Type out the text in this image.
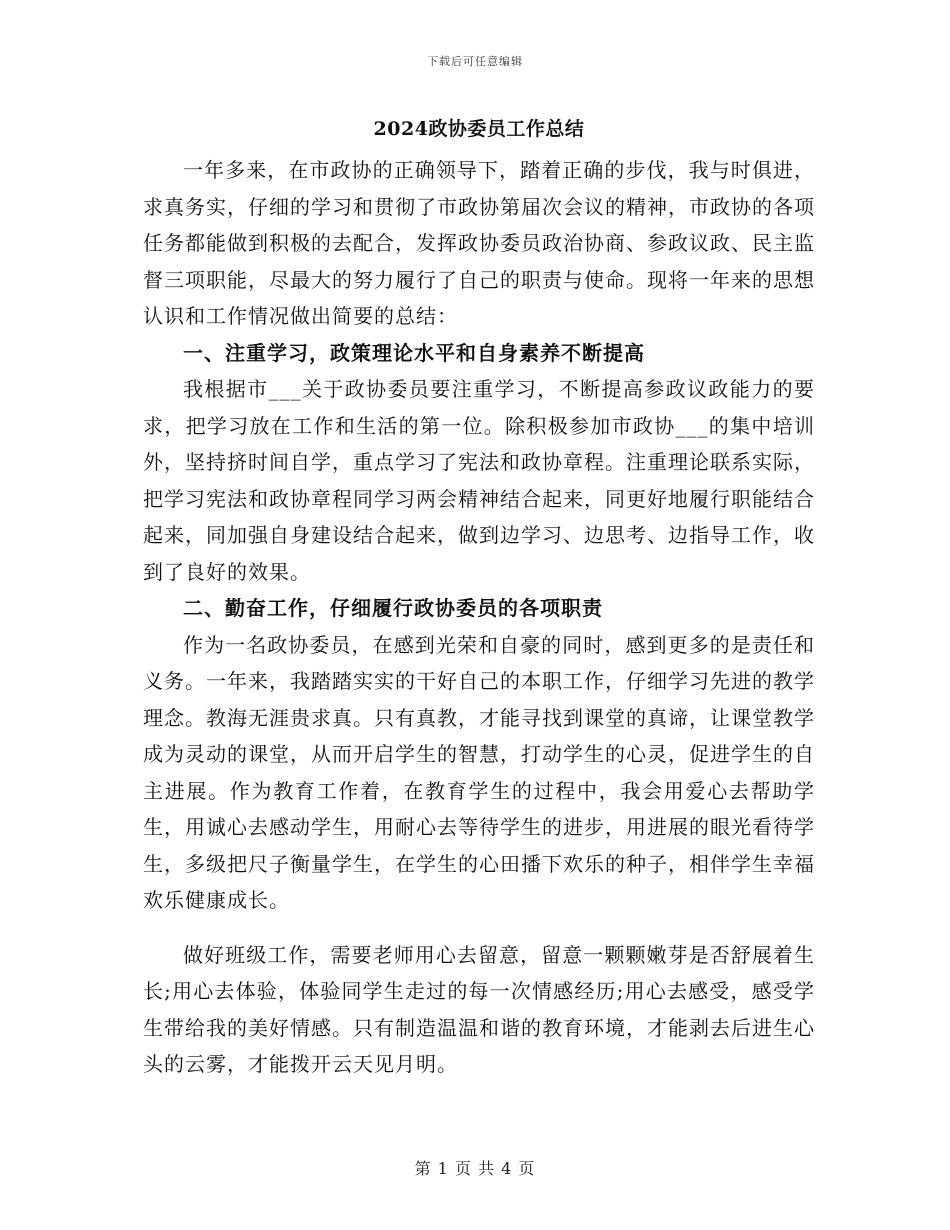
下载后可任意编辑
2024政协委员工作总结

一年多来，在市政协的正确领导下，踏着正确的步伐，我与时俱进，求真务实，仔细的学习和贯彻了市政协第届次会议的精神，市政协的各项任务都能做到积极的去配合，发挥政协委员政治协商、参政议政、民主监督三项职能，尽最大的努力履行了自己的职责与使命。现将一年来的思想认识和工作情况做出简要的总结：

一、注重学习，政策理论水平和自身素养不断提高

我根据市___关于政协委员要注重学习，不断提高参政议政能力的要求，把学习放在工作和生活的第一位。除积极参加市政协___的集中培训外，坚持挤时间自学，重点学习了宪法和政协章程。注重理论联系实际，把学习宪法和政协章程同学习两会精神结合起来，同更好地履行职能结合起来，同加强自身建设结合起来，做到边学习、边思考、边指导工作，收到了良好的效果。

二、勤奋工作，仔细履行政协委员的各项职责

作为一名政协委员，在感到光荣和自豪的同时，感到更多的是责任和义务。一年来，我踏踏实实的干好自己的本职工作，仔细学习先进的教学理念。教海无涯贵求真。只有真教，才能寻找到课堂的真谛，让课堂教学成为灵动的课堂，从而开启学生的智慧，打动学生的心灵，促进学生的自主进展。作为教育工作着，在教育学生的过程中，我会用爱心去帮助学生，用诚心去感动学生，用耐心去等待学生的进步，用进展的眼光看待学生，多级把尺子衡量学生，在学生的心田播下欢乐的种子，相伴学生幸福欢乐健康成长。

做好班级工作，需要老师用心去留意，留意一颗颗嫩芽是否舒展着生长;用心去体验，体验同学生走过的每一次情感经历;用心去感受，感受学生带给我的美好情感。只有制造温温和谐的教育环境，才能剥去后进生心头的云雾，才能拨开云天见月明。

第 1 页 共 4 页
